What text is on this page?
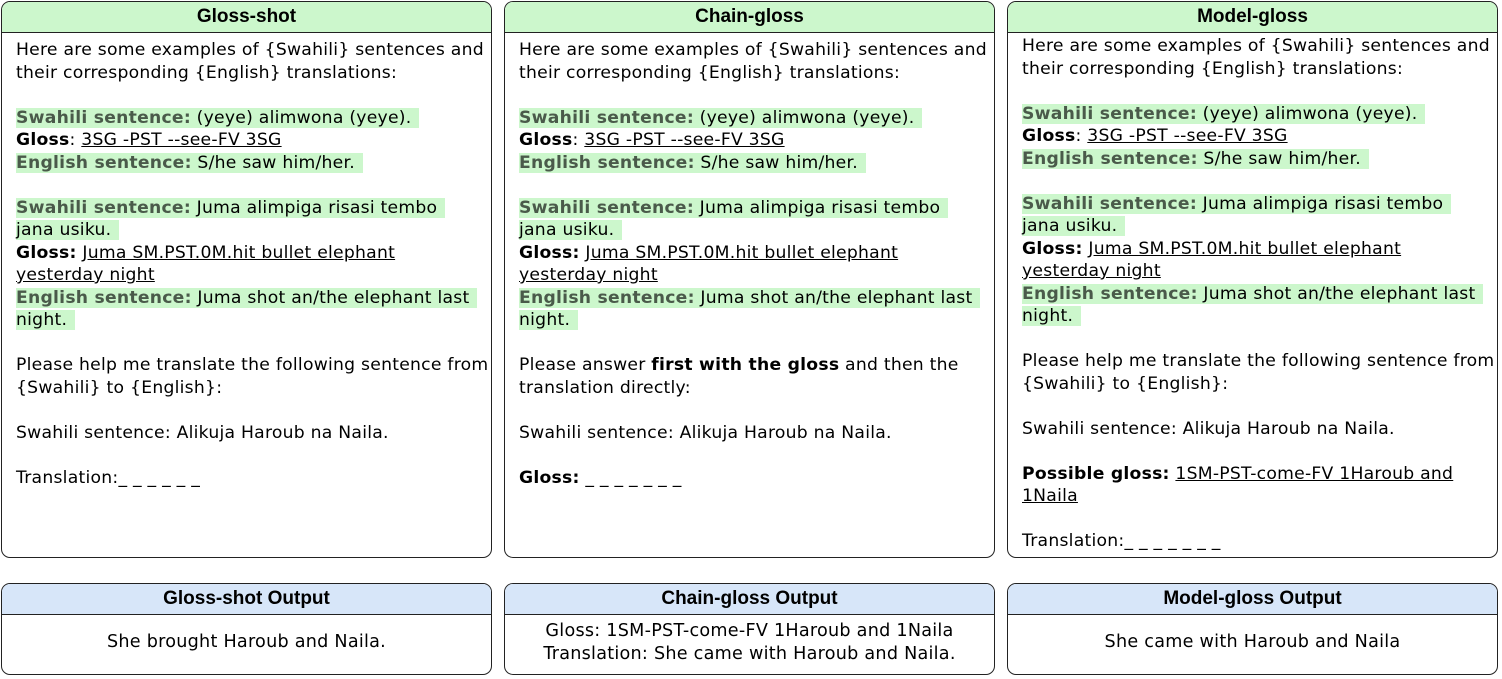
Gloss-shot
Here are some examples of {Swahili} sentences and their corresponding {English} translations:
Swahili sentence: (yeye) alimwona (yeye).
Gloss: 3SG -PST --see-FV 3SG
English sentence: S/he saw him/her.
Swahili sentence: Juma alimpiga risasi tembo jana usiku.
Gloss: Juma SM.PST.0M.hit bullet elephant yesterday night
English sentence: Juma shot an/the elephant last night.
Please help me translate the following sentence from {Swahili} to {English}:
Swahili sentence: Alikuja Haroub na Naila.
Translation:_ _ _ _ _ _
Chain-gloss
Here are some examples of {Swahili} sentences and their corresponding {English} translations:
Swahili sentence: (yeye) alimwona (yeye).
Gloss: 3SG -PST --see-FV 3SG
English sentence: S/he saw him/her.
Swahili sentence: Juma alimpiga risasi tembo jana usiku.
Gloss: Juma SM.PST.0M.hit bullet elephant yesterday night
English sentence: Juma shot an/the elephant last night.
Please answer first with the gloss and then the translation directly:
Swahili sentence: Alikuja Haroub na Naila.
Gloss: _ _ _ _ _ _ _
Model-gloss
Here are some examples of {Swahili} sentences and their corresponding {English} translations:
Swahili sentence: (yeye) alimwona (yeye).
Gloss: 3SG -PST --see-FV 3SG
English sentence: S/he saw him/her.
Swahili sentence: Juma alimpiga risasi tembo jana usiku.
Gloss: Juma SM.PST.0M.hit bullet elephant yesterday night
English sentence: Juma shot an/the elephant last night.
Please help me translate the following sentence from {Swahili} to {English}:
Swahili sentence: Alikuja Haroub na Naila.
Possible gloss: 1SM-PST-come-FV 1Haroub and 1Naila
Translation:_ _ _ _ _ _ _
Gloss-shot Output
She brought Haroub and Naila.
Chain-gloss Output
Gloss: 1SM-PST-come-FV 1Haroub and 1Naila
Translation: She came with Haroub and Naila.
Model-gloss Output
She came with Haroub and Naila
